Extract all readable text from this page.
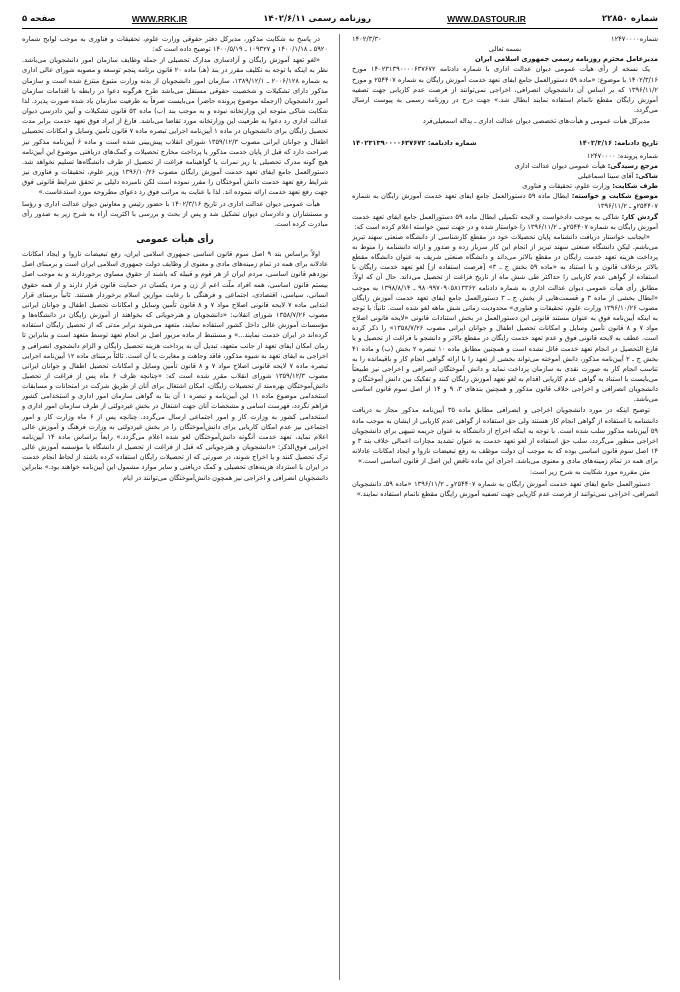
شماره ۲۲۸۵۰
WWW.DASTOUR.IR
روزنامه رسمی ۱۴۰۲/۶/۱۱
WWW.RRK.IR
صفحه ۵
شماره۱۲۴۷۰۰۰۰
۱۴۰۲/۳/۳۰
بسمه تعالی
مدیرعامل محترم روزنامه رسمی جمهوری اسلامی ایران

یک نسخه از رأی هیأت عمومی دیوان عدالت اداری با شماره دادنامه ۱۴۰۲۳۱۳۹۰۰۰۰۶۳۷۶۷۲ مورخ ۱۴۰۲/۳/۱۶ با موضوع: «ماده ۵۹ دستورالعمل جامع ایفای تعهد خدمت آموزش رایگان به شماره ۲۵۴۴۰۷ و مورخ ۱۳۹۶/۱۱/۲ که بر اساس آن دانشجویان انصرافی، اخراجی نمی‌توانند از فرصت عدم کاریابی جهت تصفیه آموزش رایگان مقطع ناتمام استفاده نمایند ابطال شد.» جهت درج در روزنامه رسمی به پیوست ارسال می‌گردد.

مدیرکل هیأت عمومی و هیأت‌های تخصصی دیوان عدالت اداری ـ یداله اسمعیلی‌فرد

تاریخ دادنامه: ۱۴۰۲/۳/۱۶
شماره دادنامه: ۱۴۰۲۳۱۳۹۰۰۰۰۶۳۷۶۷۲
شماره پرونده: ۱۲۴۷۰۰۰۰
مرجع رسیدگی: هیأت عمومی دیوان عدالت اداری
شاکی: آقای سینا اسماعیلی
طرف شکایت: وزارت علوم، تحقیقات و فناوری
موضوع شکایت و خواسته: ابطال ماده ۵۹ دستورالعمل جامع ایفای تعهد خدمت آموزش رایگان به شماره ۲۵۴۴۰۷و ـ ۱۳۹۶/۱۱/۲
گردش کار: شاکی به موجب دادخواست و لایحه تکمیلی ابطال ماده ۵۹ دستورالعمل جامع ایفای تعهد خدمت آموزش رایگان به شماره ۲۵۴۴۰۷و ـ ۱۳۹۶/۱۱/۲ را خواستار شده و در جهت تبیین خواسته اعلام کرده است که:

«ایجانب خواستار دریافت دانشنامه پایان تحصیلات خود در مقطع کارشناسی از دانشگاه صنعتی سهند تبریز می‌باشم. لیکن دانشگاه صنعتی سهند تبریز از انجام این کار سرباز زده و صدور و ارائه دانشنامه را منوط به پرداخت هزینه تعهد خدمت رایگان در مقطع بالاتر می‌داند و دانشگاه صنعتی شریف به عنوان دانشگاه مقطع بالاتر برخلاف قانون و با استناد به «ماده ۵۹ بخش ج ـ ۳» [فرصت استفاده از] لغو تعهد خدمت رایگان با استفاده از گواهی عدم کاریابی را حداکثر طی شش ماه از تاریخ فراغت از تحصیل می‌داند. حال آن که اولاً: مطابق رأی هیأت عمومی دیوان عدالت اداری به شماره دادنامه ۹۸۰۹۹۷۰۹۰۵۸۱۳۳۶۲ ـ ۱۳۹۸/۸/۱۴ به موجب «ابطال بخشی از ماده ۳ و قسمت‌هایی از بخش ج ـ ۳ دستورالعمل جامع ایفای تعهد خدمت آموزش رایگان مصوب ۱۳۹۶/۱۰/۲۶ وزارت علوم، تحقیقات و فناوری» محدودیت زمانی شش ماهه لغو شده است. ثانیاً: با توجه به اینکه آیین‌نامه فوق به عنوان مستند قانونی این دستورالعمل در بخش استنادات قانونی «لایحه قانونی اصلاح مواد ۷ و ۸ قانون تأمین وسایل و امکانات تحصیل اطفال و جوانان ایرانی مصوب ۱۳۵۸/۷/۲۶» را ذکر کرده است. عطف به لایحه قانونی فوق و عدم تعهد خدمت رایگان در مقطع بالاتر و دانشجو با فراغت از تحصیل و یا فارغ التحصیل در انجام تعهد خدمت قائل نشده است و همچنین مطابق ماده ۱۰ تبصره ۲ بخش (ب) و ماده ۴۱ بخش ج ـ ۲ آیین‌نامه مذکور، دانش آموخته می‌تواند بخشی از تعهد را با ارائه گواهی انجام کار و باقیمانده را به تناسب انجام کار به صورت نقدی به سازمان پرداخت نماید و دانش آموختگان انصرافی و اخراجی نیز طبیعتاً می‌بایست با استناد به گواهی عدم کاریابی اقدام به لغو تعهد آموزش رایگان کنند و تفکیک بین دانش آموختگان و دانشجویان انصرافی و اخراجی خلاف قانون مذکور و همچنین بندهای ۳، ۹ و ۱۴ از اصل سوم قانون اساسی می‌باشد.

توضیح اینکه در مورد دانشجویان اخراجی و انصرافی مطابق ماده ۳۵ آیین‌نامه مذکور مجاز به دریافت دانشنامه با استفاده از گواهی انجام کار هستند ولی حق استفاده از گواهی عدم کاریابی از ایشان به موجب ماده ۵۹ آیین‌نامه مذکور سلب شده است. با توجه به اینکه اخراج از دانشگاه به عنوان جریمه تنبیهی برای دانشجویان اخراجی منظور می‌گردد، سلب حق استفاده از لغو تعهد خدمت به عنوان تشدید مجازات اعمالی خلاف بند ۳ و ۱۴ اصل سوم قانون اساسی بوده که به موجب آن دولت موظف به رفع تبعیضات ناروا و ایجاد امکانات عادلانه برای همه در تمام زمینه‌های مادی و معنوی می‌باشد. اجرای این ماده ناقض این اصل از قانون اساسی است.»

متن مقرره مورد شکایت به شرح زیر است:

دستورالعمل جامع ایفای تعهد خدمت آموزش رایگان به شماره ۲۵۴۴۰۷و ـ ۱۳۹۶/۱۱/۲ «ماده ۵۹ـ دانشجویان انصرافی، اخراجی نمی‌توانند از فرصت عدم کاریابی جهت تصفیه آموزش رایگان مقطع ناتمام استفاده نمایند.»

در پاسخ به شکایت مذکور، مدیرکل دفتر حقوقی وزارت علوم، تحقیقات و فناوری به موجب لوایح شماره ۵۹۲۰ ـ ۱۴۰۰/۱/۱۸ و ۱۰۹۳۲۷ ـ ۱۴۰۰/۵/۱۹ توضیح داده است که:

«لغو تعهد آموزش رایگان و آزادسازی مدارک تحصیلی از جمله وظایف سازمان امور دانشجویان می‌باشد. نظر به اینکه با توجه به تکلیف مقرر در بند (هـ) ماده ۲۰ قانون برنامه پنجم توسعه و مصوبه شورای عالی اداری به شماره ۲۰۰۶/۱۲۸ ـ ۱۳۸۹/۱۲/۱، سازمان امور دانشجویان از بدنه وزارت متبوع منتزع شده است و سازمان مذکور دارای تشکیلات و شخصیت حقوقی مستقل می‌باشد طرح هرگونه دعوا در رابطه با اقدامات سازمان امور دانشجویان (ازجمله موضوع پرونده حاضر) می‌بایست صرفاً به طرفیت سازمان یاد شده صورت پذیرد. لذا شکایت شاکی متوجه این وزارتخانه نبوده و به موجب بند (ب) ماده ۵۳ قانون تشکیلات و آیین دادرسی دیوان عدالت اداری رد دعوا به طرفیت این وزارتخانه مورد تقاضا می‌باشد. فارغ از ایراد فوق تعهد خدمت برابر مدت تحصیل رایگان برای دانشجویان در ماده ۱ آیین‌نامه اجرایی تبصره ماده ۷ قانون تأمین وسایل و امکانات تحصیلی اطفال و جوانان ایرانی مصوب ۱۳۵۹/۱۲/۳ شورای انقلاب پیش‌بینی شده است و ماده ۶ آیین‌نامه مذکور نیز صراحت دارد که قبل از پایان خدمت مذکور یا پرداخت مخارج تحصیلات و کمک‌های دریافتی موضوع این آیین‌نامه هیچ گونه مدرک تحصیلی یا ریز نمرات یا گواهینامه فراغت از تحصیل از طرف دانشگاه‌ها تسلیم نخواهد شد. دستورالعمل جامع ایفای تعهد خدمت آموزش رایگان مصوب ۱۳۹۶/۱۰/۲۶ وزیر علوم، تحقیقات و فناوری نیز شرایط رفع تعهد خدمت دانش آموختگان را مقرر نموده است لکن نامبرده دلیلی بر تحقق شرایط قانونی فوق جهت رفع تعهد خدمت ارائه ننموده اند. لذا با عنایت به مراتب فوق رد دعوای مطروحه مورد استدعاست.»

هیأت عمومی دیوان عدالت اداری در تاریخ ۱۴۰۲/۳/۱۶ با حضور رئیس و معاونین دیوان عدالت اداری و رؤسا و مستشاران و دادرسان دیوان تشکیل شد و پس از بحث و بررسی با اکثریت آراء به شرح زیر به صدور رأی مبادرت کرده است.

رأی هیأت عمومی

اولاً براساس بند ۹ اصل سوم قانون اساسی جمهوری اسلامی ایران، رفع تبعیضات ناروا و ایجاد امکانات عادلانه برای همه در تمام زمینه‌های مادی و معنوی از وظایف دولت جمهوری اسلامی ایران است و برمبنای اصل نوزدهم قانون اساسی، مردم ایران از هر قوم و قبیله که باشند از حقوق مساوی برخوردارند و به موجب اصل بیستم قانون اساسی، همه افراد ملّت اعم از زن و مرد یکسان در حمایت قانون قرار دارند و از همه حقوق انسانی، سیاسی، اقتصادی، اجتماعی و فرهنگی با رعایت موازین اسلام برخوردار هستند. ثانیاً برمبنای قرار ابتدایی ماده ۷ لایحه قانونی اصلاح مواد ۷ و ۸ قانون تأمین وسایل و امکانات تحصیل اطفال و جوانان ایرانی مصوب ۱۳۵۸/۷/۲۶ شورای انقلاب: «دانشجویان و هنرجویانی که بخواهند از آموزش رایگان در دانشگاه‌ها و مؤسسات آموزش عالی داخل کشور استفاده نمایند، متعهد می‌شوند برابر مدتی که از تحصیل رایگان استفاده کرده‌اند در ایران خدمت نمایند...» و مستنبط از ماده مزبور اصل بر انجام تعهد توسط متعهد است و بنابراین تا زمان امکان ایفای تعهد از جانب متعهد، تبدیل آن به پرداخت هزینه تحصیل رایگان و الزام دانشجوی انصرافی و اخراجی به ایفای تعهد به شیوه مذکور، فاقد وجاهت و مغایرت با آن است. ثالثاً برمبنای ماده ۱۲ آیین‌نامه اجرایی تبصره ماده ۷ لایحه قانونی اصلاح مواد ۷ و ۸ قانون تأمین وسایل و امکانات تحصیل اطفال و جوانان ایرانی مصوب ۱۳۵۹/۱۲/۳ شورای انقلاب مقرر شده است که: «چنانچه ظرف ۶ ماه پس از فراغت از تحصیل دانش‌آموختگان بهره‌مند از تحصیلات رایگان، امکان اشتغال برای آنان از طریق شرکت در امتحانات و مسابقات استخدامی موضوع ماده ۱۱ این آیین‌نامه و تبصره ۱ آن بنا به گواهی سازمان امور اداری و استخدامی کشور فراهم نگردد، فهرست اسامی و مشخصات آنان جهت اشتغال در بخش غیردولتی از طرف سازمان امور اداری و استخدامی کشور به وزارت کار و امور اجتماعی ارسال می‌گردد. چنانچه پس از ۶ ماه وزارت کار و امور اجتماعی نیز عدم امکان کاریابی برای دانش‌آموختگان را در بخش غیردولتی به وزارت فرهنگ و آموزش عالی اعلام نماید، تعهد خدمت آنگونه دانش‌آموختگان لغو شده اعلام می‌گردد.» رابعاً براساس ماده ۱۴ آیین‌نامه اجرایی فوق‌الذکر: «دانشجویان و هنرجویانی که قبل از فراغت از تحصیل از دانشگاه یا مؤسسه آموزش عالی ترک تحصیل کنند و یا اخراج شوند، در صورتی که از تحصیلات رایگان استفاده کرده باشند از لحاظ انجام خدمت در ایران یا استرداد هزینه‌های تحصیلی و کمک دریافتی و سایر موارد مشمول این آیین‌نامه خواهند بود.» بنابراین دانشجویان انصرافی و اخراجی نیز همچون دانش‌آموختگان می‌توانند در ایام
